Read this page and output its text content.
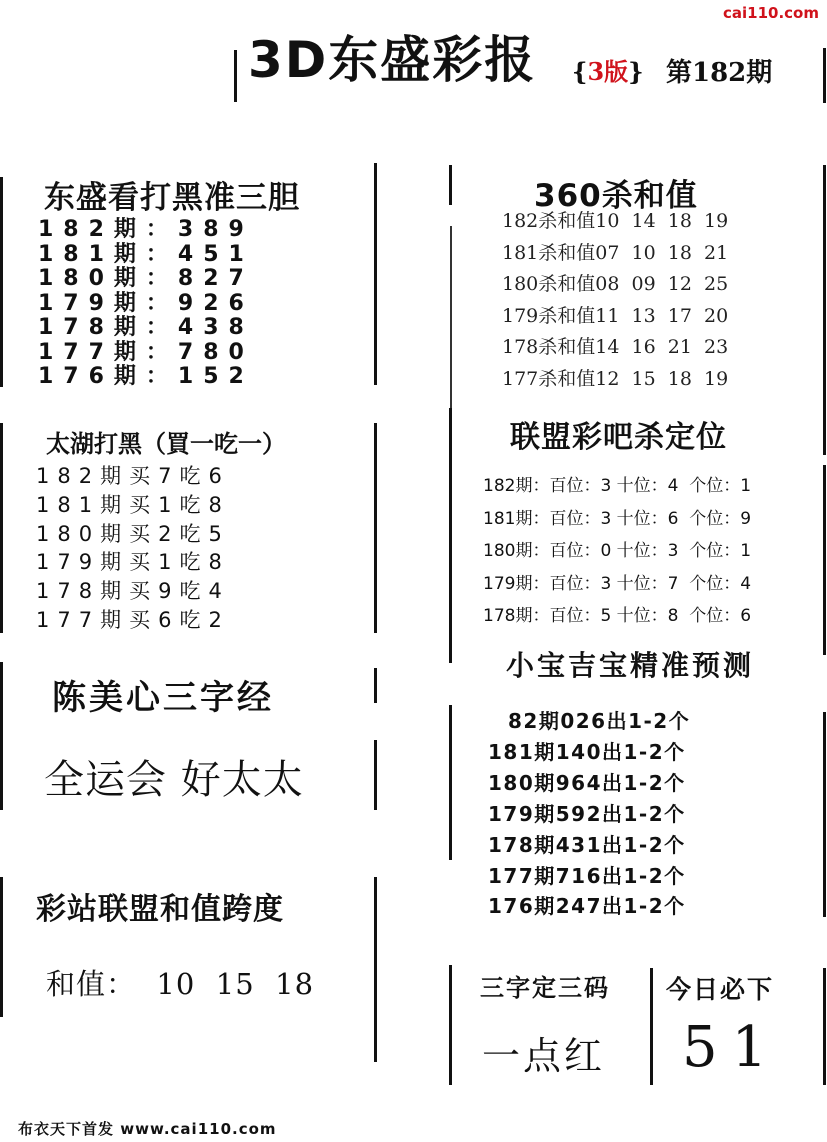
cai110.com
3D东盛彩报 {3版} 第182期
东盛看打黑准三胆
182期：389
181期：451
180期：827
179期：926
178期：438
177期：780
176期：152
360杀和值
182杀和值10  14  18  19
181杀和值07  10  18  21
180杀和值08  09  12  25
179杀和值11  13  17  20
178杀和值14  16  21  23
177杀和值12  15  18  19
太湖打黑（買一吃一）
182期买7吃6
181期买1吃8
180期买2吃5
179期买1吃8
178期买9吃4
177期买6吃2
联盟彩吧杀定位
182期：百位：3 十位：4  个位：1
181期：百位：3 十位：6  个位：9
180期：百位：0 十位：3  个位：1
179期：百位：3 十位：7  个位：4
178期：百位：5 十位：8  个位：6
小宝吉宝精准预测
陈美心三字经
全运会 好太太
82期026出1-2个
181期140出1-2个
180期964出1-2个
179期592出1-2个
178期431出1-2个
177期716出1-2个
176期247出1-2个
彩站联盟和值跨度
和值：  10  15  18	三字定三码
一点红
今日必下
51
布衣天下首发 www.cai110.com
